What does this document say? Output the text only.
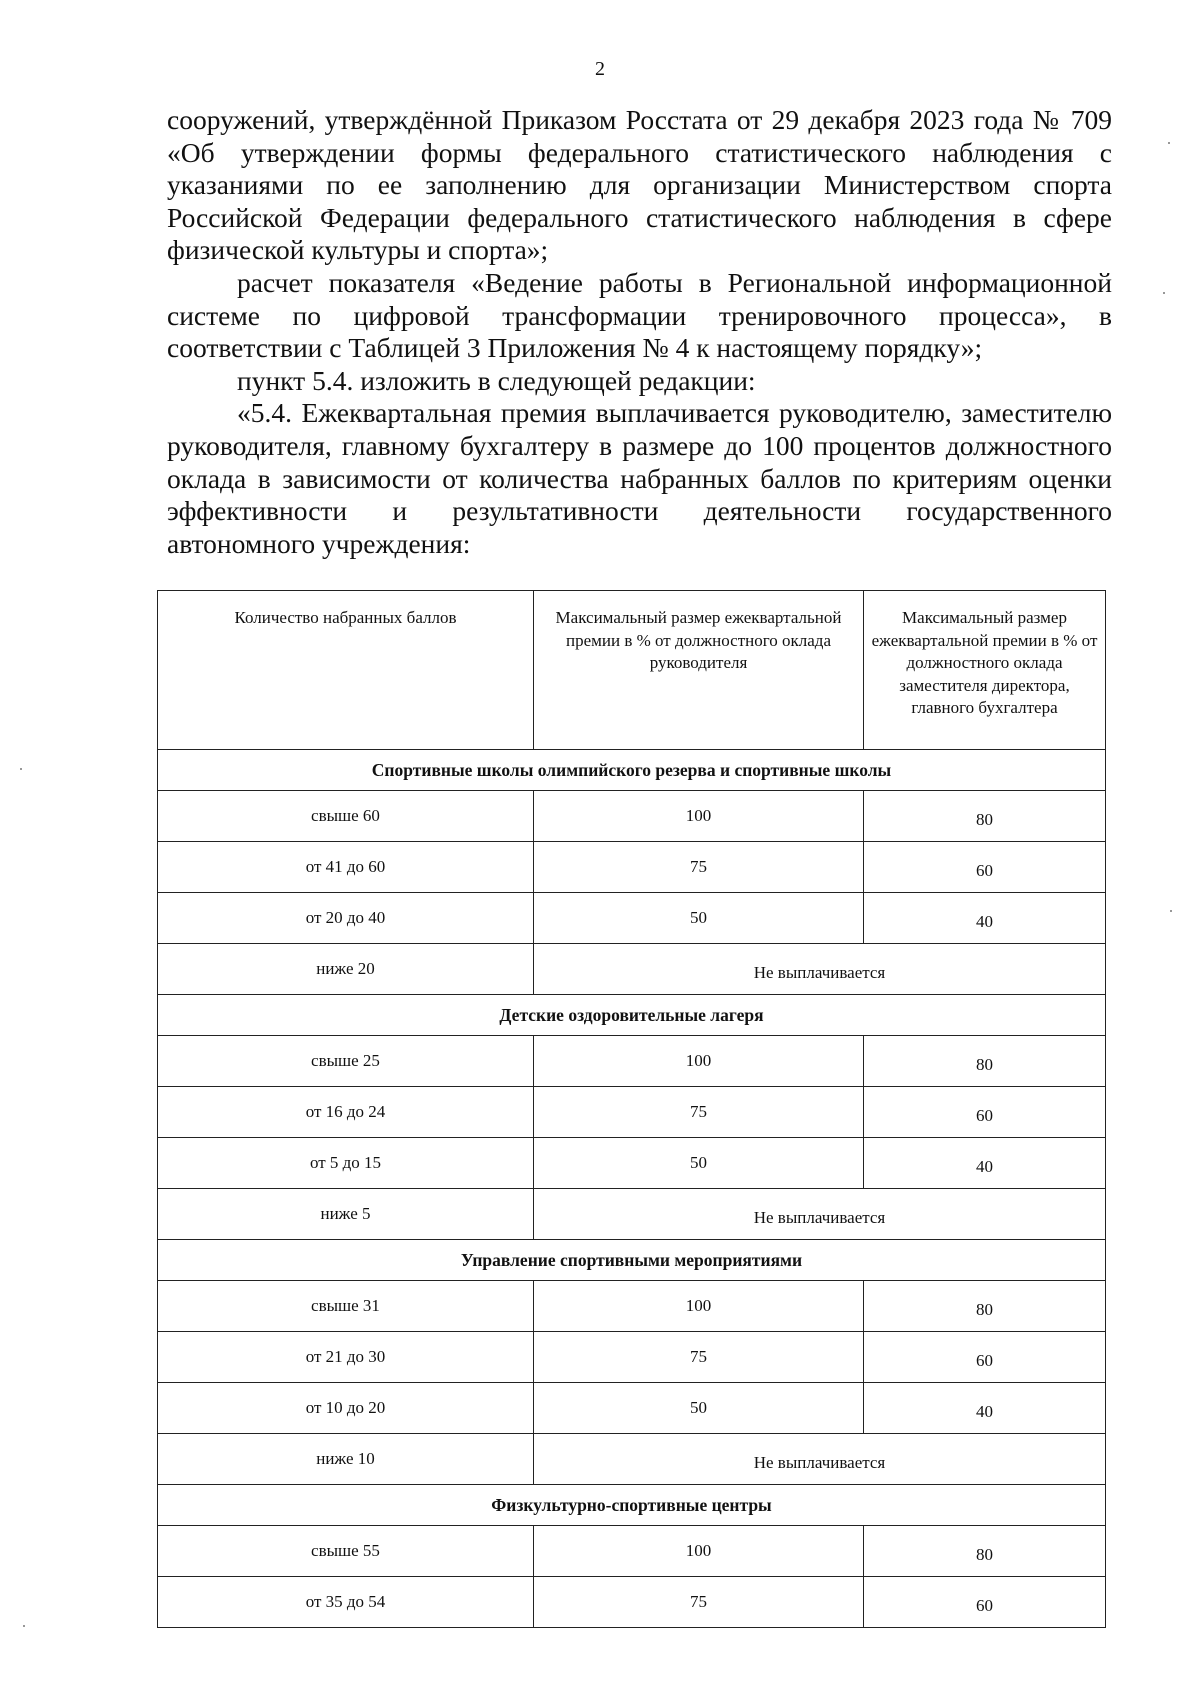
2

сооружений, утверждённой Приказом Росстата от 29 декабря 2023 года № 709 «Об утверждении формы федерального статистического наблюдения с указаниями по ее заполнению для организации Министерством спорта Российской Федерации федерального статистического наблюдения в сфере физической культуры и спорта»;

расчет показателя «Ведение работы в Региональной информационной системе по цифровой трансформации тренировочного процесса», в соответствии с Таблицей 3 Приложения № 4 к настоящему порядку»;

пункт 5.4. изложить в следующей редакции:

«5.4. Ежеквартальная премия выплачивается руководителю, заместителю руководителя, главному бухгалтеру в размере до 100 процентов должностного оклада в зависимости от количества набранных баллов по критериям оценки эффективности и результативности деятельности государственного автономного учреждения:

Количество набранных баллов	Максимальный размер ежеквартальной премии в % от должностного оклада руководителя	Максимальный размер ежеквартальной премии в % от должностного оклада заместителя директора, главного бухгалтера
Спортивные школы олимпийского резерва и спортивные школы		
свыше 60	100	80
от 41 до 60	75	60
от 20 до 40	50	40
ниже 20	Не выплачивается	
Детские оздоровительные лагеря		
свыше 25	100	80
от 16 до 24	75	60
от 5 до 15	50	40
ниже 5	Не выплачивается	
Управление спортивными мероприятиями		
свыше 31	100	80
от 21 до 30	75	60
от 10 до 20	50	40
ниже 10	Не выплачивается	
Физкультурно-спортивные центры		
свыше 55	100	80
от 35 до 54	75	60
